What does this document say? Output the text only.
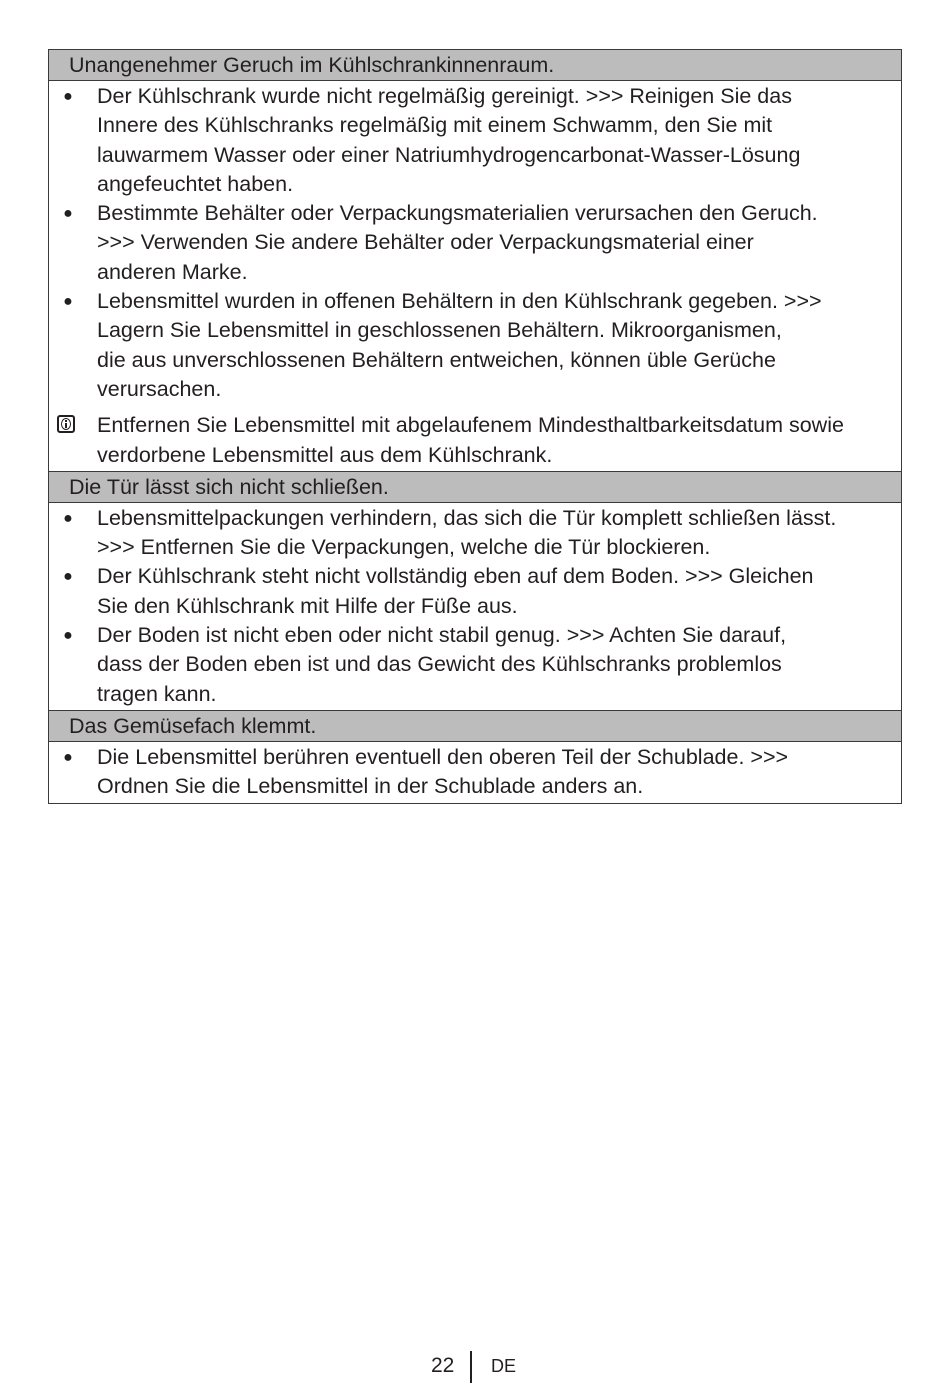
Unangenehmer Geruch im Kühlschrankinnenraum.
● Der Kühlschrank wurde nicht regelmäßig gereinigt. >>> Reinigen Sie das
Innere des Kühlschranks regelmäßig mit einem Schwamm, den Sie mit
lauwarmem Wasser oder einer Natriumhydrogencarbonat-Wasser-Lösung
angefeuchtet haben.
● Bestimmte Behälter oder Verpackungsmaterialien verursachen den Geruch.
>>> Verwenden Sie andere Behälter oder Verpackungsmaterial einer
anderen Marke.
● Lebensmittel wurden in offenen Behältern in den Kühlschrank gegeben. >>>
Lagern Sie Lebensmittel in geschlossenen Behältern. Mikroorganismen,
die aus unverschlossenen Behältern entweichen, können üble Gerüche
verursachen.
Entfernen Sie Lebensmittel mit abgelaufenem Mindesthaltbarkeitsdatum sowie
verdorbene Lebensmittel aus dem Kühlschrank.
Die Tür lässt sich nicht schließen.
● Lebensmittelpackungen verhindern, das sich die Tür komplett schließen lässt.
>>> Entfernen Sie die Verpackungen, welche die Tür blockieren.
● Der Kühlschrank steht nicht vollständig eben auf dem Boden. >>> Gleichen
Sie den Kühlschrank mit Hilfe der Füße aus.
● Der Boden ist nicht eben oder nicht stabil genug. >>> Achten Sie darauf,
dass der Boden eben ist und das Gewicht des Kühlschranks problemlos
tragen kann.
Das Gemüsefach klemmt.
● Die Lebensmittel berühren eventuell den oberen Teil der Schublade. >>>
Ordnen Sie die Lebensmittel in der Schublade anders an.
22 DE
